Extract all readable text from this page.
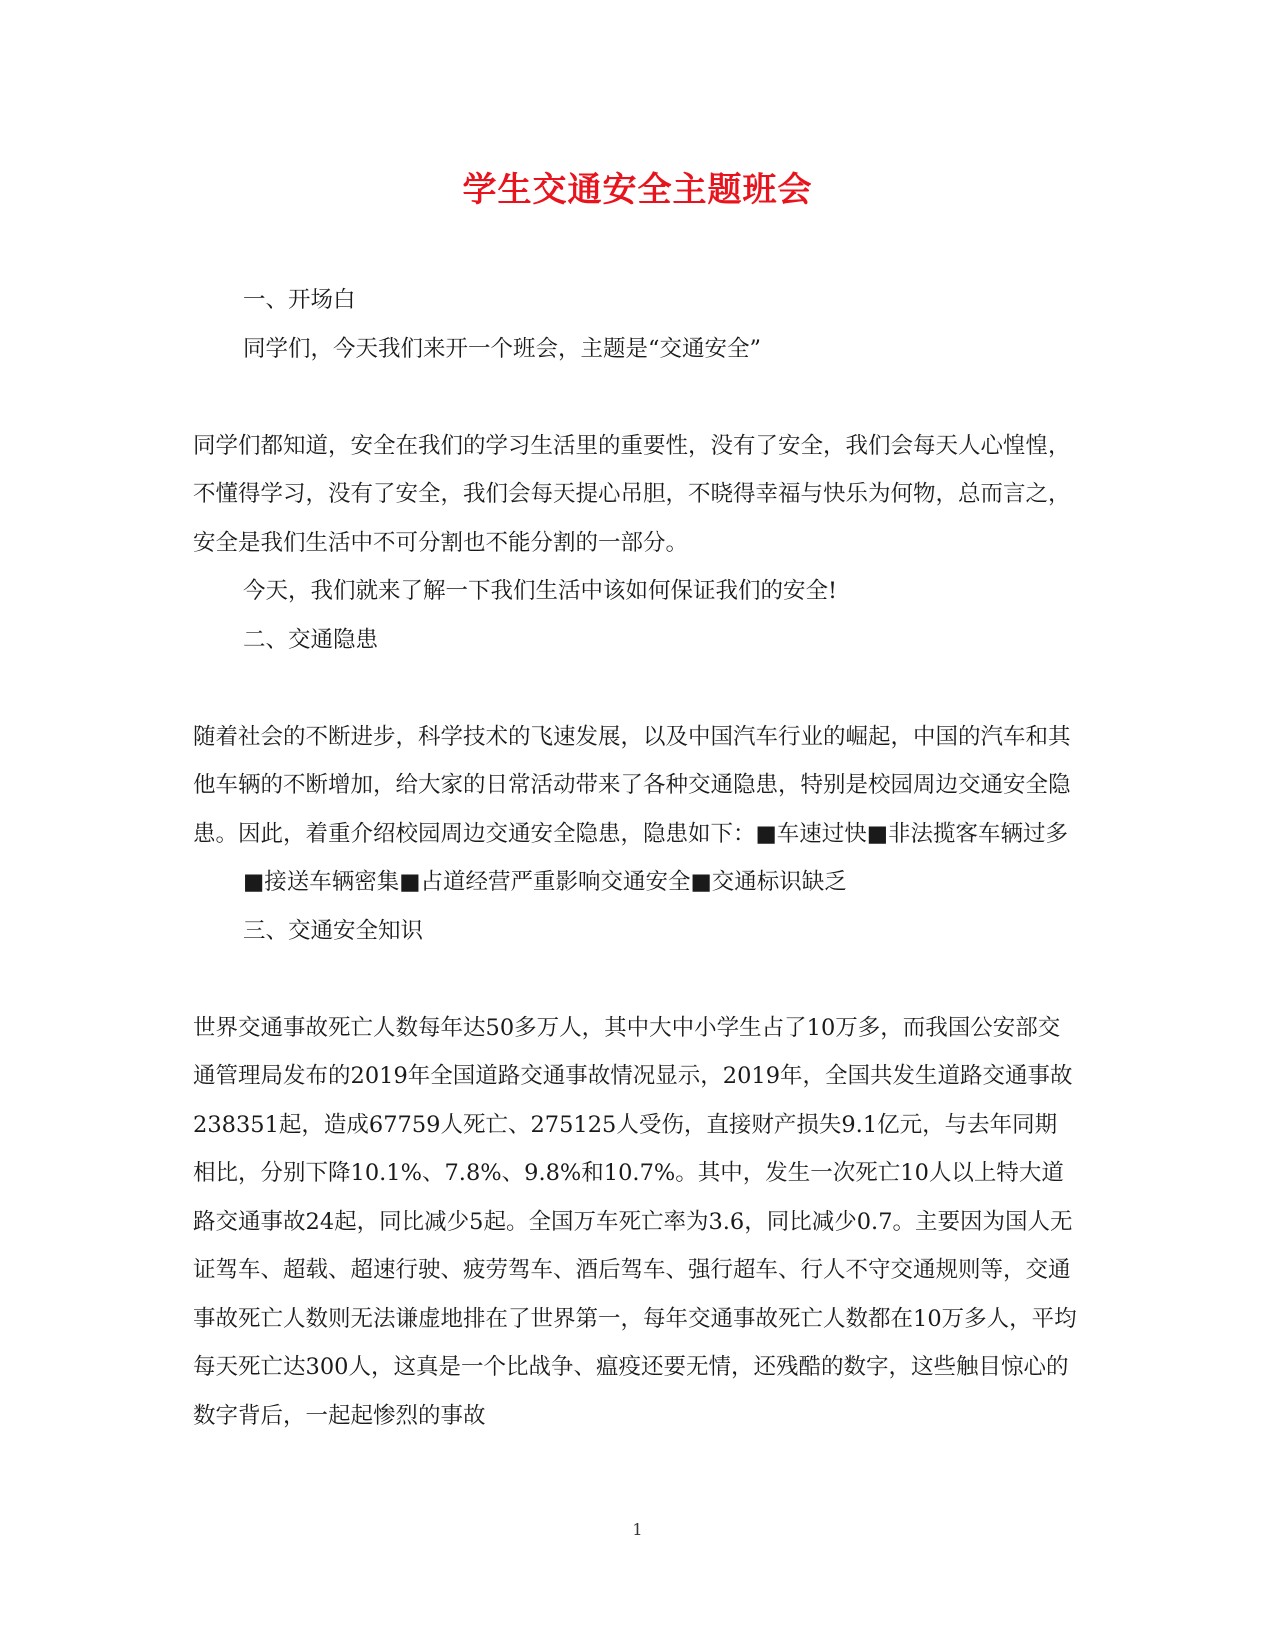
学生交通安全主题班会

一、开场白

同学们，今天我们来开一个班会，主题是“交通安全”

同学们都知道，安全在我们的学习生活里的重要性，没有了安全，我们会每天人心惶惶，不懂得学习，没有了安全，我们会每天提心吊胆，不晓得幸福与快乐为何物，总而言之，安全是我们生活中不可分割也不能分割的一部分。

今天，我们就来了解一下我们生活中该如何保证我们的安全!

二、交通隐患

随着社会的不断进步，科学技术的飞速发展，以及中国汽车行业的崛起，中国的汽车和其他车辆的不断增加，给大家的日常活动带来了各种交通隐患，特别是校园周边交通安全隐患。因此，着重介绍校园周边交通安全隐患，隐患如下：■车速过快■非法揽客车辆过多

■接送车辆密集■占道经营严重影响交通安全■交通标识缺乏

三、交通安全知识

世界交通事故死亡人数每年达50多万人，其中大中小学生占了10万多，而我国公安部交通管理局发布的2019年全国道路交通事故情况显示，2019年，全国共发生道路交通事故238351起，造成67759人死亡、275125人受伤，直接财产损失9.1亿元，与去年同期相比，分别下降10.1%、7.8%、9.8%和10.7%。其中，发生一次死亡10人以上特大道路交通事故24起，同比减少5起。全国万车死亡率为3.6，同比减少0.7。主要因为国人无证驾车、超载、超速行驶、疲劳驾车、酒后驾车、强行超车、行人不守交通规则等，交通事故死亡人数则无法谦虚地排在了世界第一，每年交通事故死亡人数都在10万多人，平均每天死亡达300人，这真是一个比战争、瘟疫还要无情，还残酷的数字，这些触目惊心的数字背后，一起起惨烈的事故

1
